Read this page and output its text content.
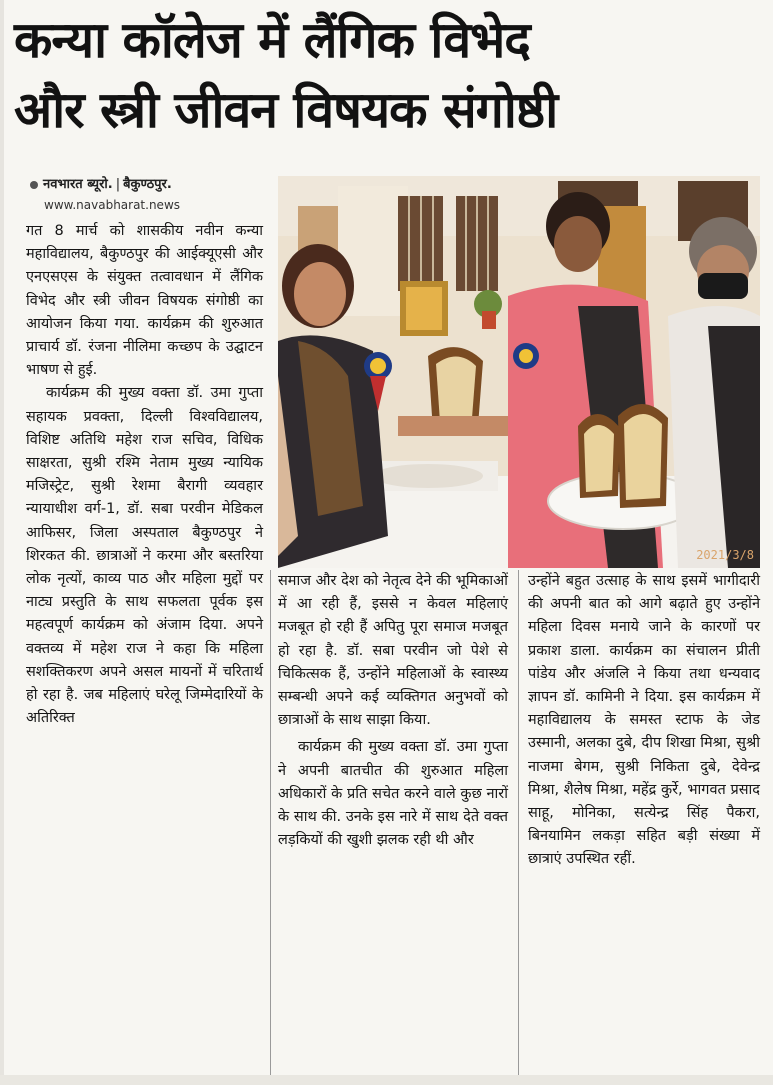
कन्या कॉलेज में लैंगिक विभेद
और स्त्री जीवन विषयक संगोष्ठी
नवभारत ब्यूरो. | बैकुण्ठपुर.
www.navabharat.news

गत 8 मार्च को शासकीय नवीन कन्या महाविद्यालय, बैकुण्ठपुर की आईक्यूएसी और एनएसएस के संयुक्त तत्वावधान में लैंगिक विभेद और स्त्री जीवन विषयक संगोष्ठी का आयोजन किया गया. कार्यक्रम की शुरुआत प्राचार्य डॉ. रंजना नीलिमा कच्छप के उद्घाटन भाषण से हुई.

कार्यक्रम की मुख्य वक्ता डॉ. उमा गुप्ता सहायक प्रवक्ता, दिल्ली विश्वविद्यालय, विशिष्ट अतिथि महेश राज सचिव, विधिक साक्षरता, सुश्री रश्मि नेताम मुख्य न्यायिक मजिस्ट्रेट, सुश्री रेशमा बैरागी व्यवहार न्यायाधीश वर्ग-1, डॉ. सबा परवीन मेडिकल आफिसर, जिला अस्पताल बैकुण्ठपुर ने शिरकत की. छात्राओं ने करमा और बस्तरिया लोक नृत्यों, काव्य पाठ और महिला मुद्दों पर नाट्य प्रस्तुति के साथ सफलता पूर्वक इस महत्वपूर्ण कार्यक्रम को अंजाम दिया. अपने वक्तव्य में महेश राज ने कहा कि महिला सशक्तिकरण अपने असल मायनों में चरितार्थ हो रहा है. जब महिलाएं घरेलू जिम्मेदारियों के अतिरिक्त

2021/3/8

समाज और देश को नेतृत्व देने की भूमिकाओं में आ रही हैं, इससे न केवल महिलाएं मजबूत हो रही हैं अपितु पूरा समाज मजबूत हो रहा है. डॉ. सबा परवीन जो पेशे से चिकित्सक हैं, उन्होंने महिलाओं के स्वास्थ्य सम्बन्धी अपने कई व्यक्तिगत अनुभवों को छात्राओं के साथ साझा किया.

कार्यक्रम की मुख्य वक्ता डॉ. उमा गुप्ता ने अपनी बातचीत की शुरुआत महिला अधिकारों के प्रति सचेत करने वाले कुछ नारों के साथ की. उनके इस नारे में साथ देते वक्त लड़कियों की खुशी झलक रही थी और

उन्होंने बहुत उत्साह के साथ इसमें भागीदारी की अपनी बात को आगे बढ़ाते हुए उन्होंने महिला दिवस मनाये जाने के कारणों पर प्रकाश डाला. कार्यक्रम का संचालन प्रीती पांडेय और अंजलि ने किया तथा धन्यवाद ज्ञापन डॉ. कामिनी ने दिया. इस कार्यक्रम में महाविद्यालय के समस्त स्टाफ के जेड उस्मानी, अलका दुबे, दीप शिखा मिश्रा, सुश्री नाजमा बेगम, सुश्री निकिता दुबे, देवेन्द्र मिश्रा, शैलेष मिश्रा, महेंद्र कुर्रे, भागवत प्रसाद साहू, मोनिका, सत्येन्द्र सिंह पैकरा, बिनयामिन लकड़ा सहित बड़ी संख्या में छात्राएं उपस्थित रहीं.
